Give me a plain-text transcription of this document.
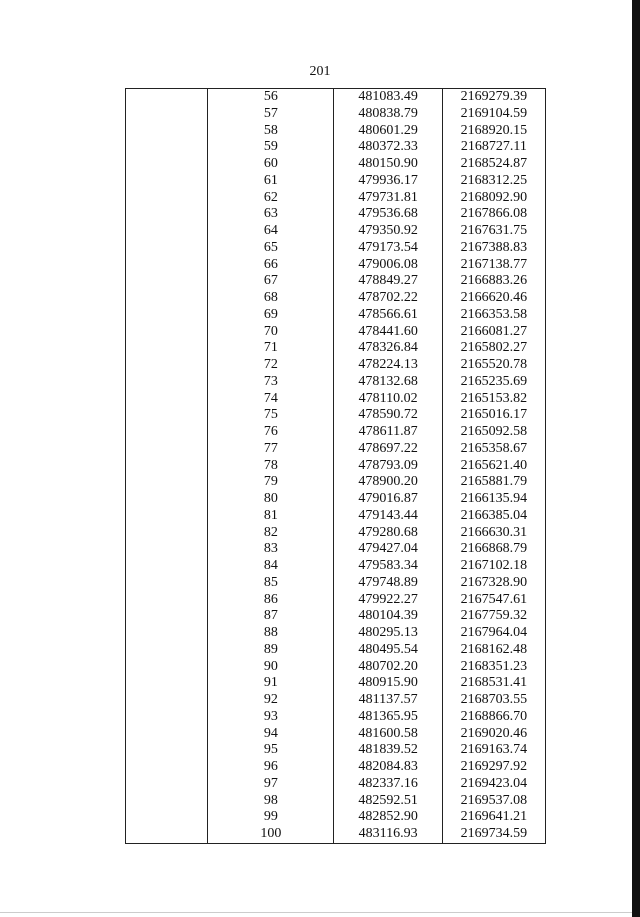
201
	56	481083.49	2169279.39
	57	480838.79	2169104.59
	58	480601.29	2168920.15
	59	480372.33	2168727.11
	60	480150.90	2168524.87
	61	479936.17	2168312.25
	62	479731.81	2168092.90
	63	479536.68	2167866.08
	64	479350.92	2167631.75
	65	479173.54	2167388.83
	66	479006.08	2167138.77
	67	478849.27	2166883.26
	68	478702.22	2166620.46
	69	478566.61	2166353.58
	70	478441.60	2166081.27
	71	478326.84	2165802.27
	72	478224.13	2165520.78
	73	478132.68	2165235.69
	74	478110.02	2165153.82
	75	478590.72	2165016.17
	76	478611.87	2165092.58
	77	478697.22	2165358.67
	78	478793.09	2165621.40
	79	478900.20	2165881.79
	80	479016.87	2166135.94
	81	479143.44	2166385.04
	82	479280.68	2166630.31
	83	479427.04	2166868.79
	84	479583.34	2167102.18
	85	479748.89	2167328.90
	86	479922.27	2167547.61
	87	480104.39	2167759.32
	88	480295.13	2167964.04
	89	480495.54	2168162.48
	90	480702.20	2168351.23
	91	480915.90	2168531.41
	92	481137.57	2168703.55
	93	481365.95	2168866.70
	94	481600.58	2169020.46
	95	481839.52	2169163.74
	96	482084.83	2169297.92
	97	482337.16	2169423.04
	98	482592.51	2169537.08
	99	482852.90	2169641.21
	100	483116.93	2169734.59
